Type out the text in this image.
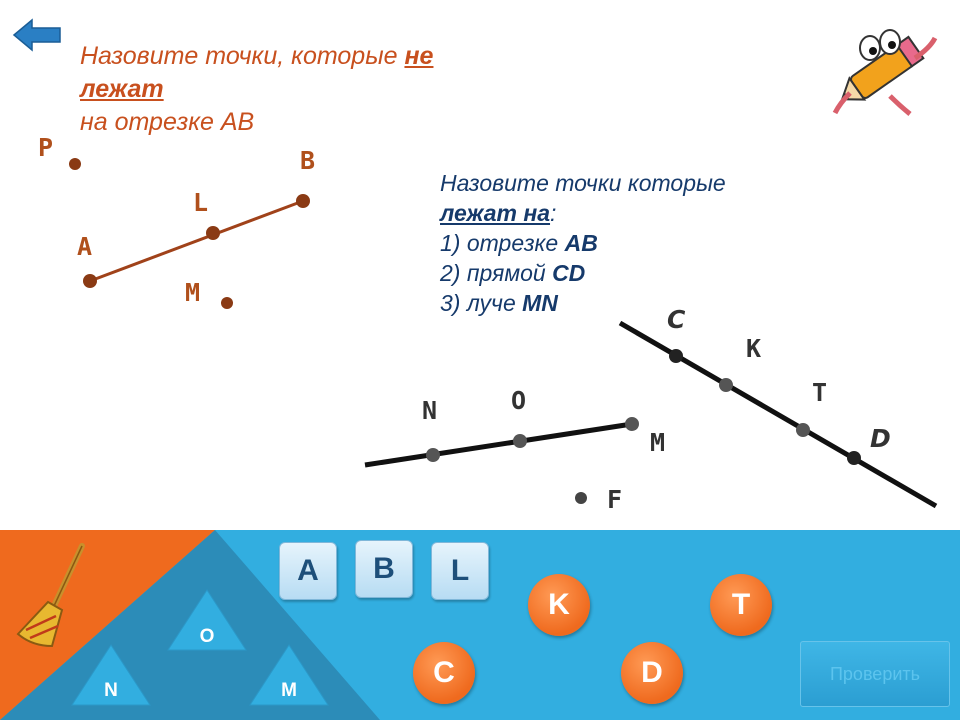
Назовите точки, которые не
лежат
на отрезке АВ
Назовите точки которые
лежат на:
1) отрезке АВ
2) прямой CD
3) луче MN
P	B
L
A
M
C
K
T
D
N	O
M
F
O
N	M
A	B	L
K	T
C	D	Проверить
